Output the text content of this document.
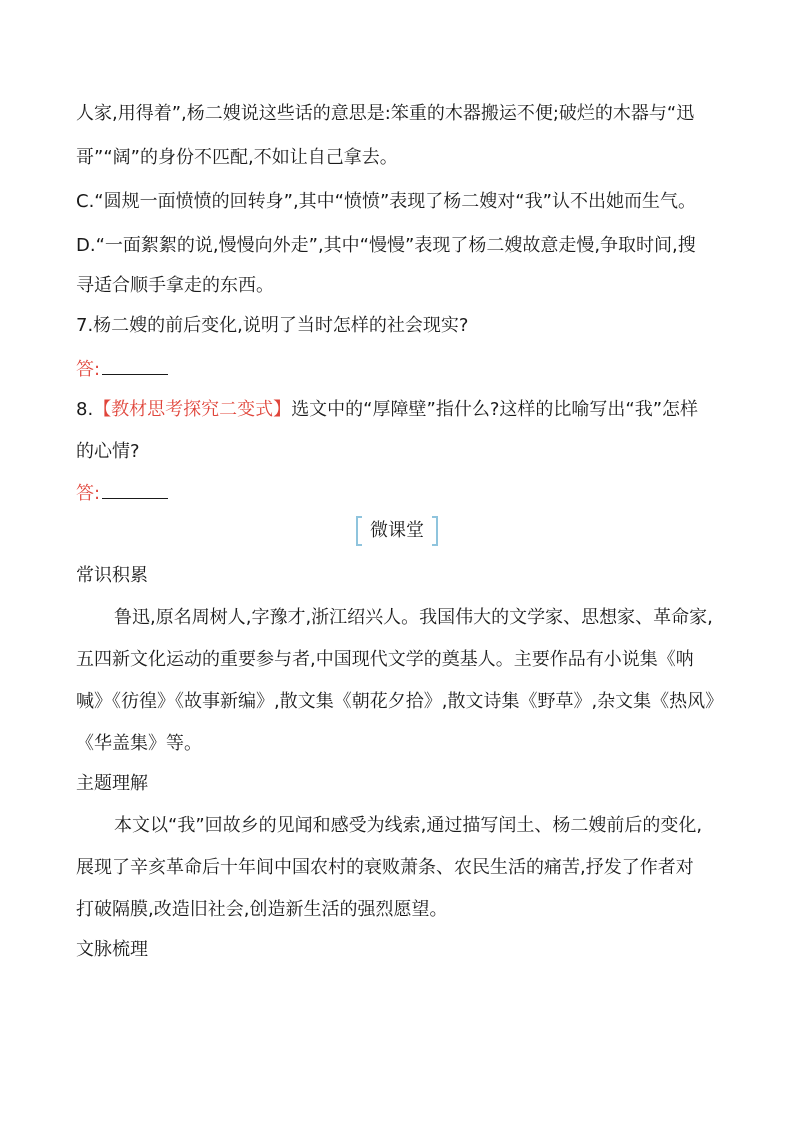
人家,用得着”,杨二嫂说这些话的意思是:笨重的木器搬运不便;破烂的木器与“迅
哥”“阔”的身份不匹配,不如让自己拿去。
C.“圆规一面愤愤的回转身”,其中“愤愤”表现了杨二嫂对“我”认不出她而生气。
D.“一面絮絮的说,慢慢向外走”,其中“慢慢”表现了杨二嫂故意走慢,争取时间,搜
寻适合顺手拿走的东西。
7.杨二嫂的前后变化,说明了当时怎样的社会现实?
答:
8.【教材思考探究二变式】选文中的“厚障壁”指什么?这样的比喻写出“我”怎样
的心情?
答:
微课堂
常识积累
鲁迅,原名周树人,字豫才,浙江绍兴人。我国伟大的文学家、思想家、革命家,
五四新文化运动的重要参与者,中国现代文学的奠基人。主要作品有小说集《呐
喊》《彷徨》《故事新编》,散文集《朝花夕拾》,散文诗集《野草》,杂文集《热风》
《华盖集》等。
主题理解
本文以“我”回故乡的见闻和感受为线索,通过描写闰土、杨二嫂前后的变化,
展现了辛亥革命后十年间中国农村的衰败萧条、农民生活的痛苦,抒发了作者对
打破隔膜,改造旧社会,创造新生活的强烈愿望。
文脉梳理
